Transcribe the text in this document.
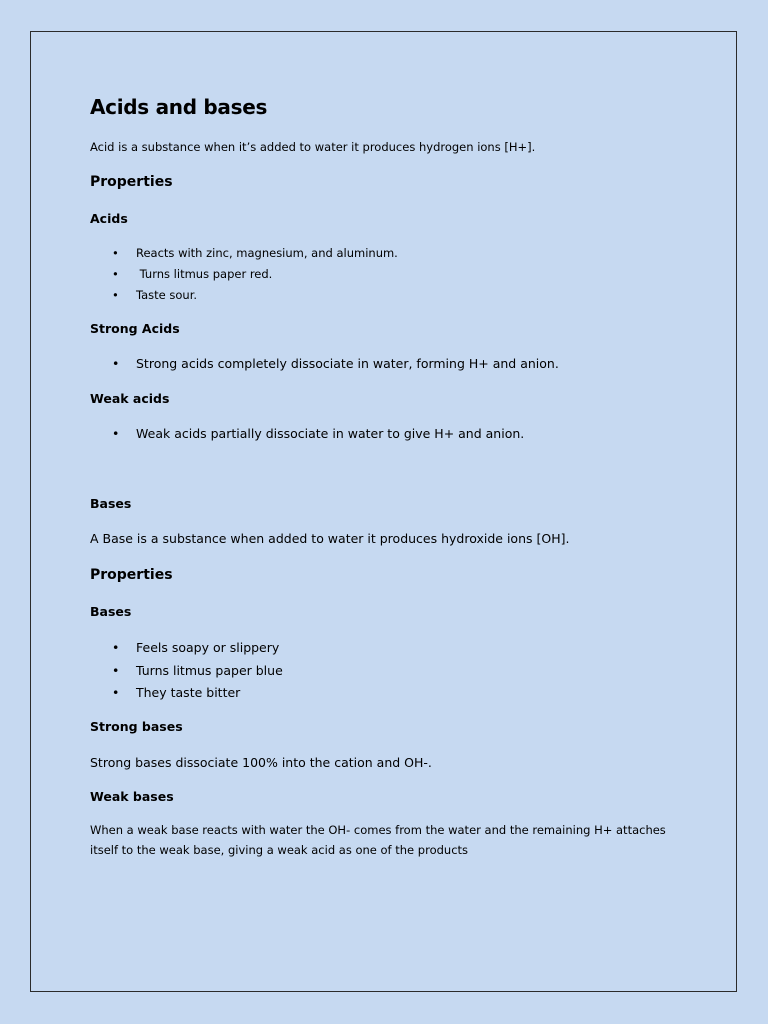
Acids and bases

Acid is a substance when it’s added to water it produces hydrogen ions [H+].

Properties
Acids
• Reacts with zinc, magnesium, and aluminum.
• Turns litmus paper red.
• Taste sour.
Strong Acids
• Strong acids completely dissociate in water, forming H+ and anion.
Weak acids
• Weak acids partially dissociate in water to give H+ and anion.
Bases

A Base is a substance when added to water it produces hydroxide ions [OH].

Properties
Bases
• Feels soapy or slippery
• Turns litmus paper blue
• They taste bitter
Strong bases

Strong bases dissociate 100% into the cation and OH-.

Weak bases

When a weak base reacts with water the OH- comes from the water and the remaining H+ attaches itself to the weak base, giving a weak acid as one of the products
